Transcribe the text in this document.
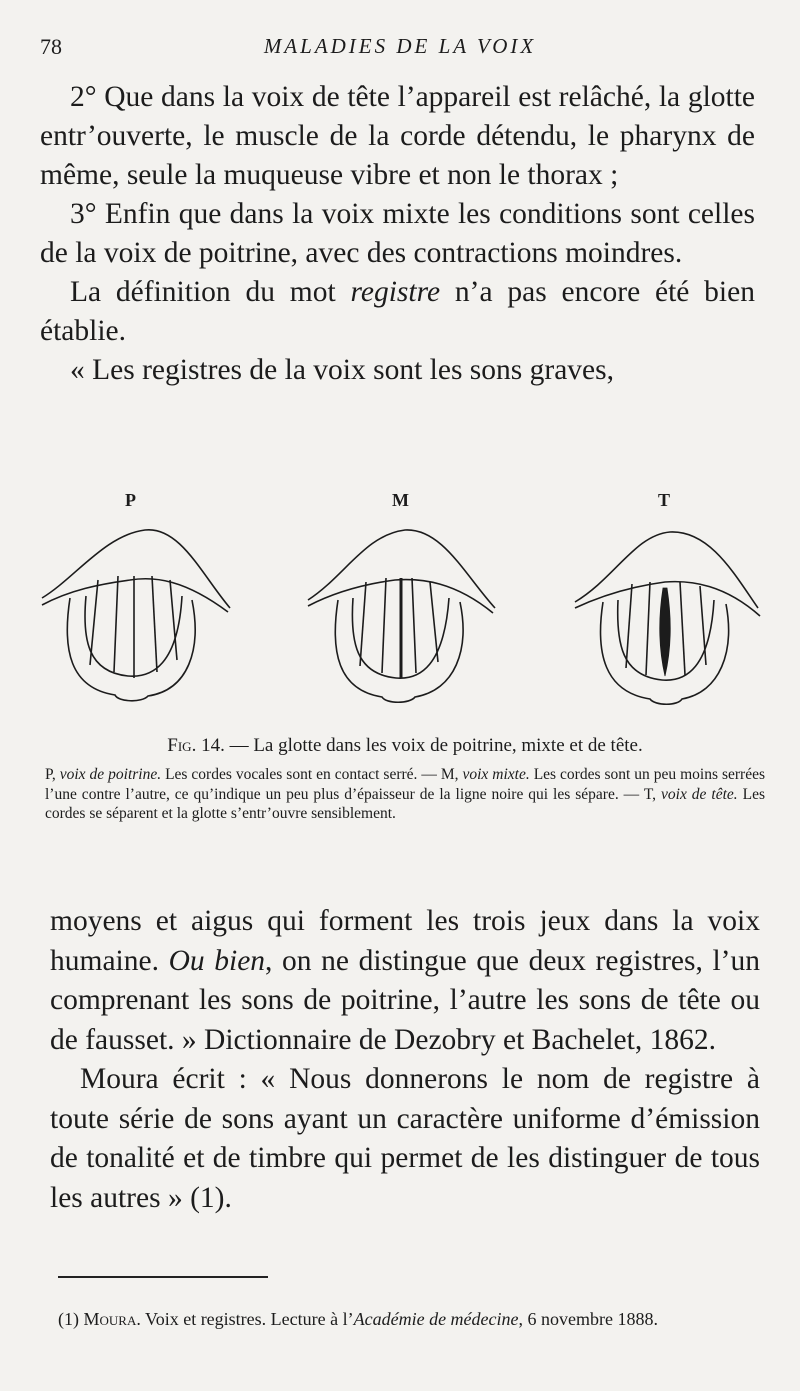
78	MALADIES DE LA VOIX

2° Que dans la voix de tête l’appareil est relâché, la glotte entr’ouverte, le muscle de la corde détendu, le pharynx de même, seule la muqueuse vibre et non le thorax ;

3° Enfin que dans la voix mixte les conditions sont celles de la voix de poitrine, avec des contractions moindres.

La définition du mot registre n’a pas encore été bien établie.

« Les registres de la voix sont les sons graves,

P	M	T

Fig. 14. — La glotte dans les voix de poitrine, mixte et de tête.

P, voix de poitrine. Les cordes vocales sont en contact serré. — M, voix mixte. Les cordes sont un peu moins serrées l’une contre l’autre, ce qu’indique un peu plus d’épaisseur de la ligne noire qui les sépare. — T, voix de tête. Les cordes se séparent et la glotte s’entr’ouvre sensiblement.

moyens et aigus qui forment les trois jeux dans la voix humaine. Ou bien, on ne distingue que deux registres, l’un comprenant les sons de poitrine, l’autre les sons de tête ou de fausset. » Dictionnaire de Dezobry et Bachelet, 1862.

Moura écrit : « Nous donnerons le nom de registre à toute série de sons ayant un caractère uniforme d’émission de tonalité et de timbre qui permet de les distinguer de tous les autres » (1).

(1) Moura. Voix et registres. Lecture à l’Académie de médecine, 6 novembre 1888.
